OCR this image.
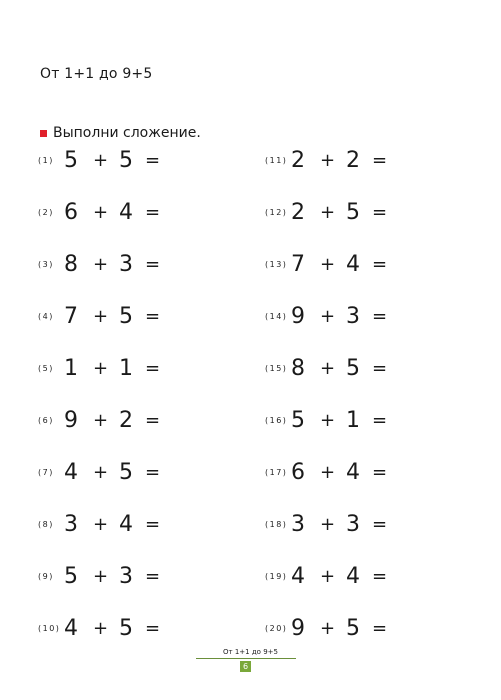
От 1+1 до 9+5
Выполни сложение.
(1) 5 + 5 =
(2) 6 + 4 =
(3) 8 + 3 =
(4) 7 + 5 =
(5) 1 + 1 =
(6) 9 + 2 =
(7) 4 + 5 =
(8) 3 + 4 =
(9) 5 + 3 =
(10) 4 + 5 =
(11) 2 + 2 =
(12) 2 + 5 =
(13) 7 + 4 =
(14) 9 + 3 =
(15) 8 + 5 =
(16) 5 + 1 =
(17) 6 + 4 =
(18) 3 + 3 =
(19) 4 + 4 =
(20) 9 + 5 =
От 1+1 до 9+5
6
